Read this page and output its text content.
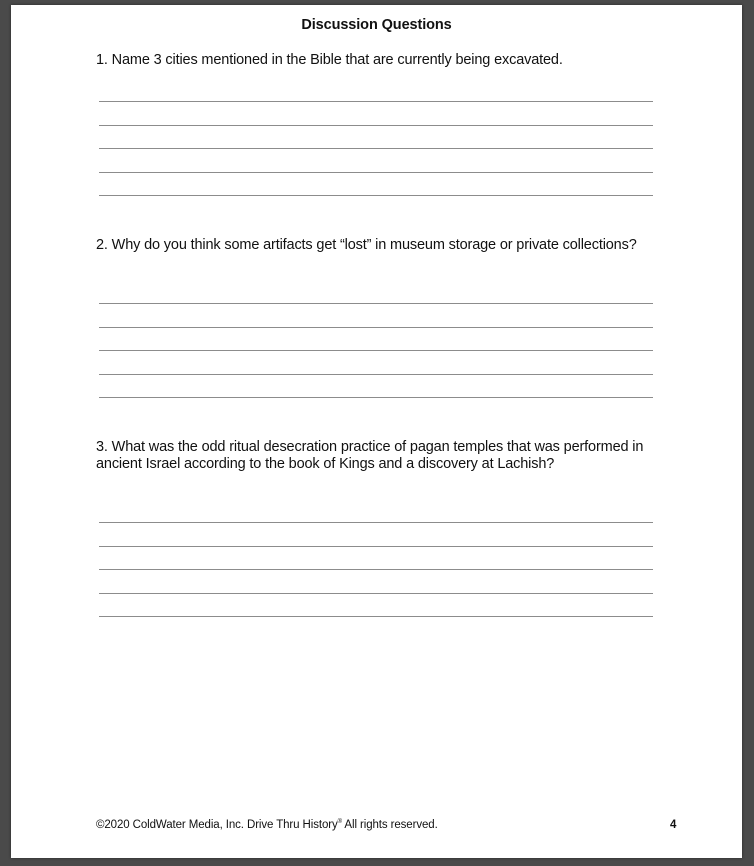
Discussion Questions
1. Name 3 cities mentioned in the Bible that are currently being excavated.
2. Why do you think some artifacts get “lost” in museum storage or private collections?
3. What was the odd ritual desecration practice of pagan temples that was performed in ancient Israel according to the book of Kings and a discovery at Lachish?
©2020 ColdWater Media, Inc. Drive Thru History® All rights reserved.	4
